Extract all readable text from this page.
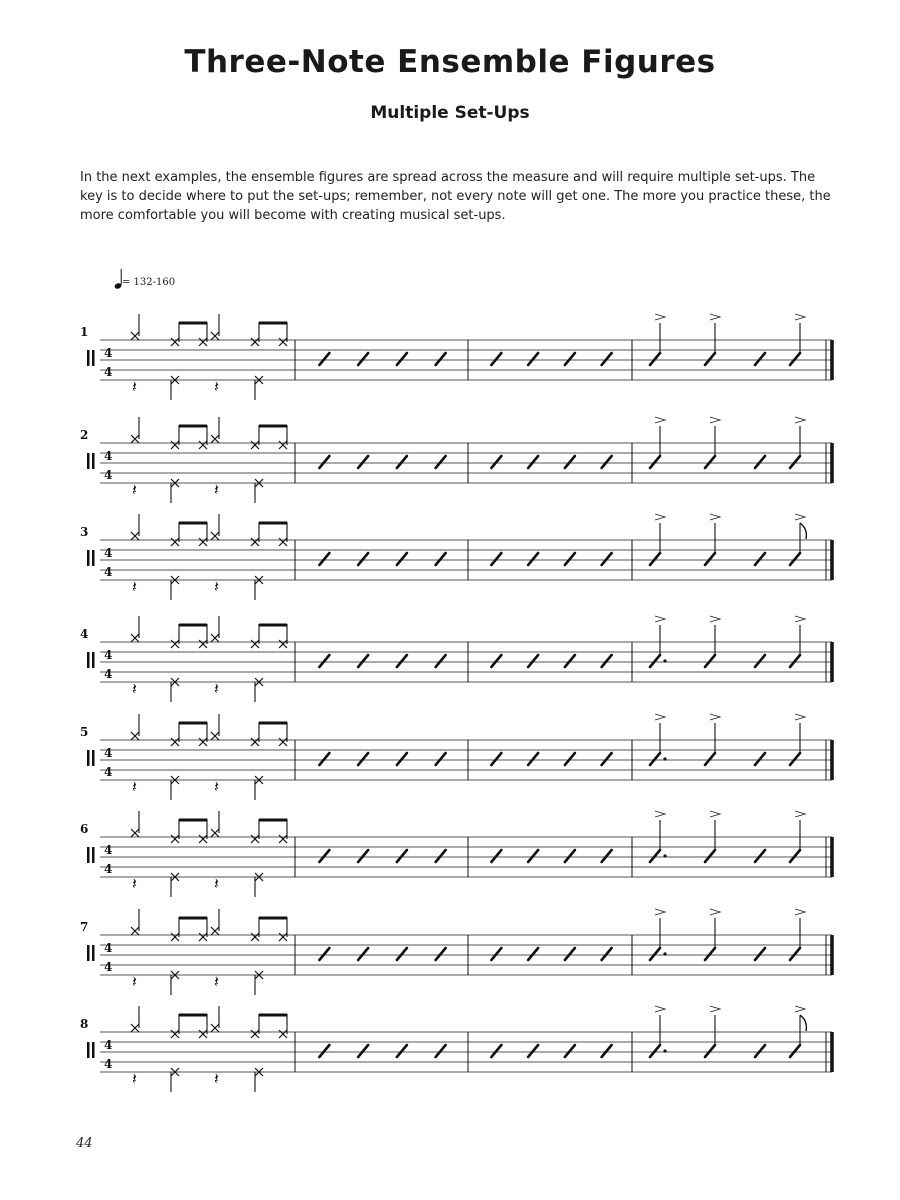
Three-Note Ensemble Figures
Multiple Set-Ups

In the next examples, the ensemble figures are spread across the measure and will require multiple set-ups. The key is to decide where to put the set-ups; remember, not every note will get one. The more you practice these, the more comfortable you will become with creating musical set-ups.

= 132-160
1
4
4
𝄽	𝄽
2
4
4
𝄽	𝄽
3
4
4
𝄽	𝄽
4
4
4
𝄽	𝄽
5
4
4
𝄽	𝄽
6
4
4
𝄽	𝄽
7
4
4
𝄽	𝄽
8
4
4
𝄽	𝄽
44
